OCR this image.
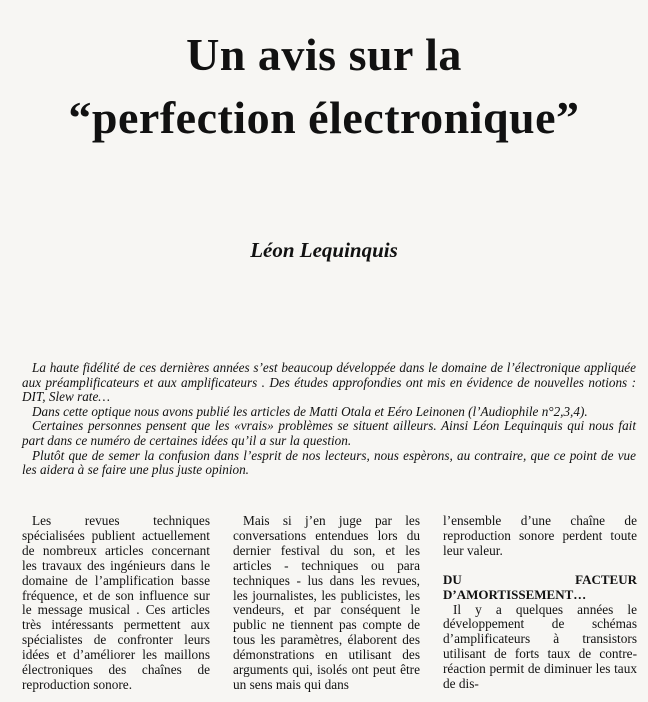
Un avis sur la
“perfection électronique”
Léon Lequinquis

La haute fidélité de ces dernières années s’est beaucoup développée dans le domaine de l’électronique appliquée aux préamplificateurs et aux amplificateurs . Des études approfondies ont mis en évidence de nouvelles notions : DIT, Slew rate…

Dans cette optique nous avons publié les articles de Matti Otala et Eéro Leinonen (l’Audiophile n°2,3,4).

Certaines personnes pensent que les «vrais» problèmes se situent ailleurs. Ainsi Léon Lequinquis qui nous fait part dans ce numéro de certaines idées qu’il a sur la question.

Plutôt que de semer la confusion dans l’esprit de nos lecteurs, nous espèrons, au contraire, que ce point de vue les aidera à se faire une plus juste opinion.

Les revues techniques spécialisées publient actuellement de nombreux articles concernant les travaux des ingénieurs dans le domaine de l’amplification basse fréquence, et de son influence sur le message musical . Ces articles très intéressants permettent aux spécialistes de confronter leurs idées et d’améliorer les maillons électroniques des chaînes de reproduction sonore.

Mais si j’en juge par les conversations entendues lors du dernier festival du son, et les articles - techniques ou para techniques - lus dans les revues, les journalistes, les publicistes, les vendeurs, et par conséquent le public ne tiennent pas compte de tous les paramètres, élaborent des démonstrations en utilisant des arguments qui, isolés ont peut être un sens mais qui dans

l’ensemble d’une chaîne de reproduction sonore perdent toute leur valeur.

DU FACTEUR D’AMORTISSEMENT…

Il y a quelques années le développement de schémas d’amplificateurs à transistors utilisant de forts taux de contre-réaction permit de diminuer les taux de dis-
